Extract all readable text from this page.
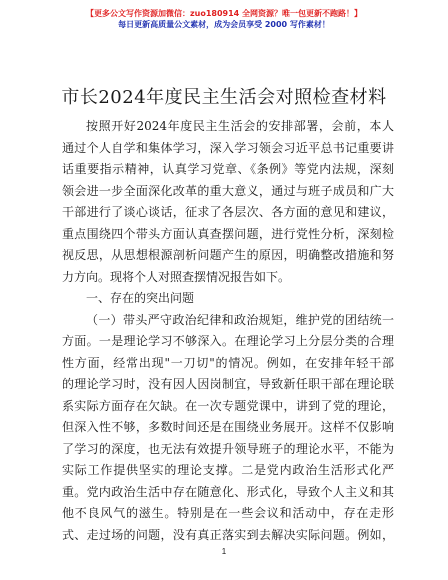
【更多公文写作资源加微信：zuo180914 全网资源？唯一包更新不跑路！】
每日更新高质量公文素材，成为会员享受 2000 写作素材！
市长2024年度民主生活会对照检查材料
按照开好2024年度民主生活会的安排部署，会前，本人
通过个人自学和集体学习，深入学习领会习近平总书记重要讲
话重要指示精神，认真学习党章、《条例》等党内法规，深刻
领会进一步全面深化改革的重大意义，通过与班子成员和广大
干部进行了谈心谈话，征求了各层次、各方面的意见和建议，
重点围绕四个带头方面认真查摆问题，进行党性分析，深刻检
视反思，从思想根源剖析问题产生的原因，明确整改措施和努
力方向。现将个人对照查摆情况报告如下。
一、存在的突出问题
（一）带头严守政治纪律和政治规矩，维护党的团结统一
方面。一是理论学习不够深入。在理论学习上分层分类的合理
性方面，经常出现"一刀切"的情况。例如，在安排年轻干部
的理论学习时，没有因人因岗制宜，导致新任职干部在理论联
系实际方面存在欠缺。在一次专题党课中，讲到了党的理论，
但深入性不够，多数时间还是在围绕业务展开。这样不仅影响
了学习的深度，也无法有效提升领导班子的理论水平，不能为
实际工作提供坚实的理论支撑。二是党内政治生活形式化严
重。党内政治生活中存在随意化、形式化，导致个人主义和其
他不良风气的滋生。特别是在一些会议和活动中，存在走形
式、走过场的问题，没有真正落实到去解决实际问题。例如，
1
